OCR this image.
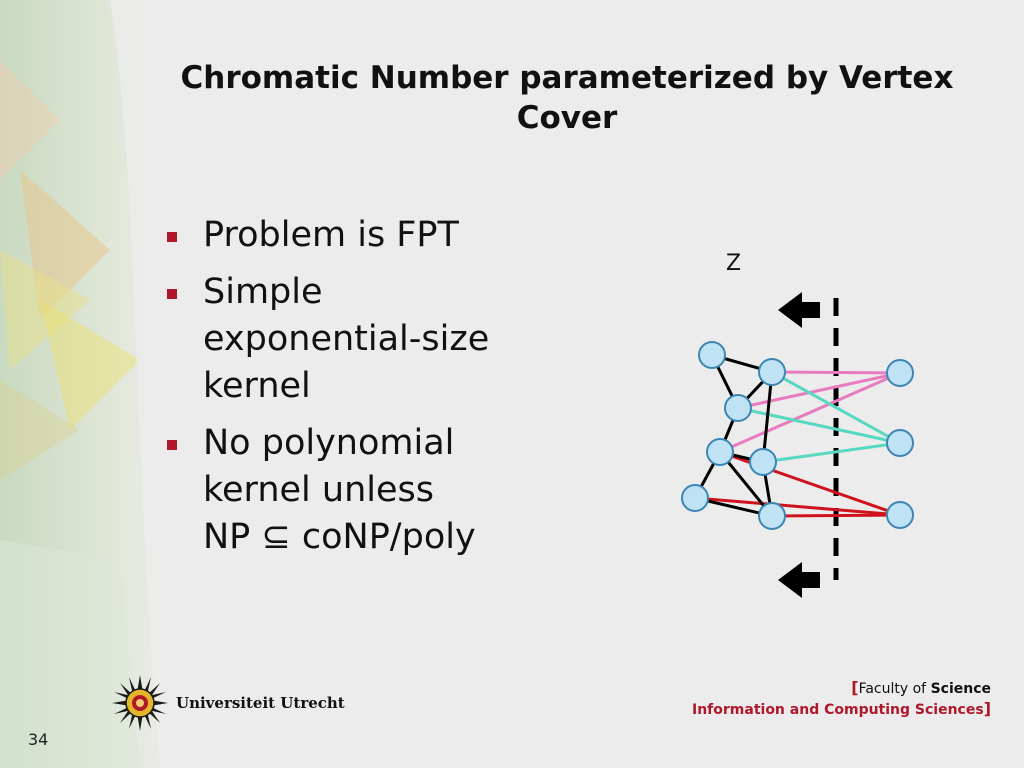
Chromatic Number parameterized by Vertex Cover
Problem is FPT
Simple
exponential-size
kernel
No polynomial
kernel unless
NP ⊆ coNP/poly
Z
Universiteit Utrecht
[Faculty of Science
Information and Computing Sciences]
34
